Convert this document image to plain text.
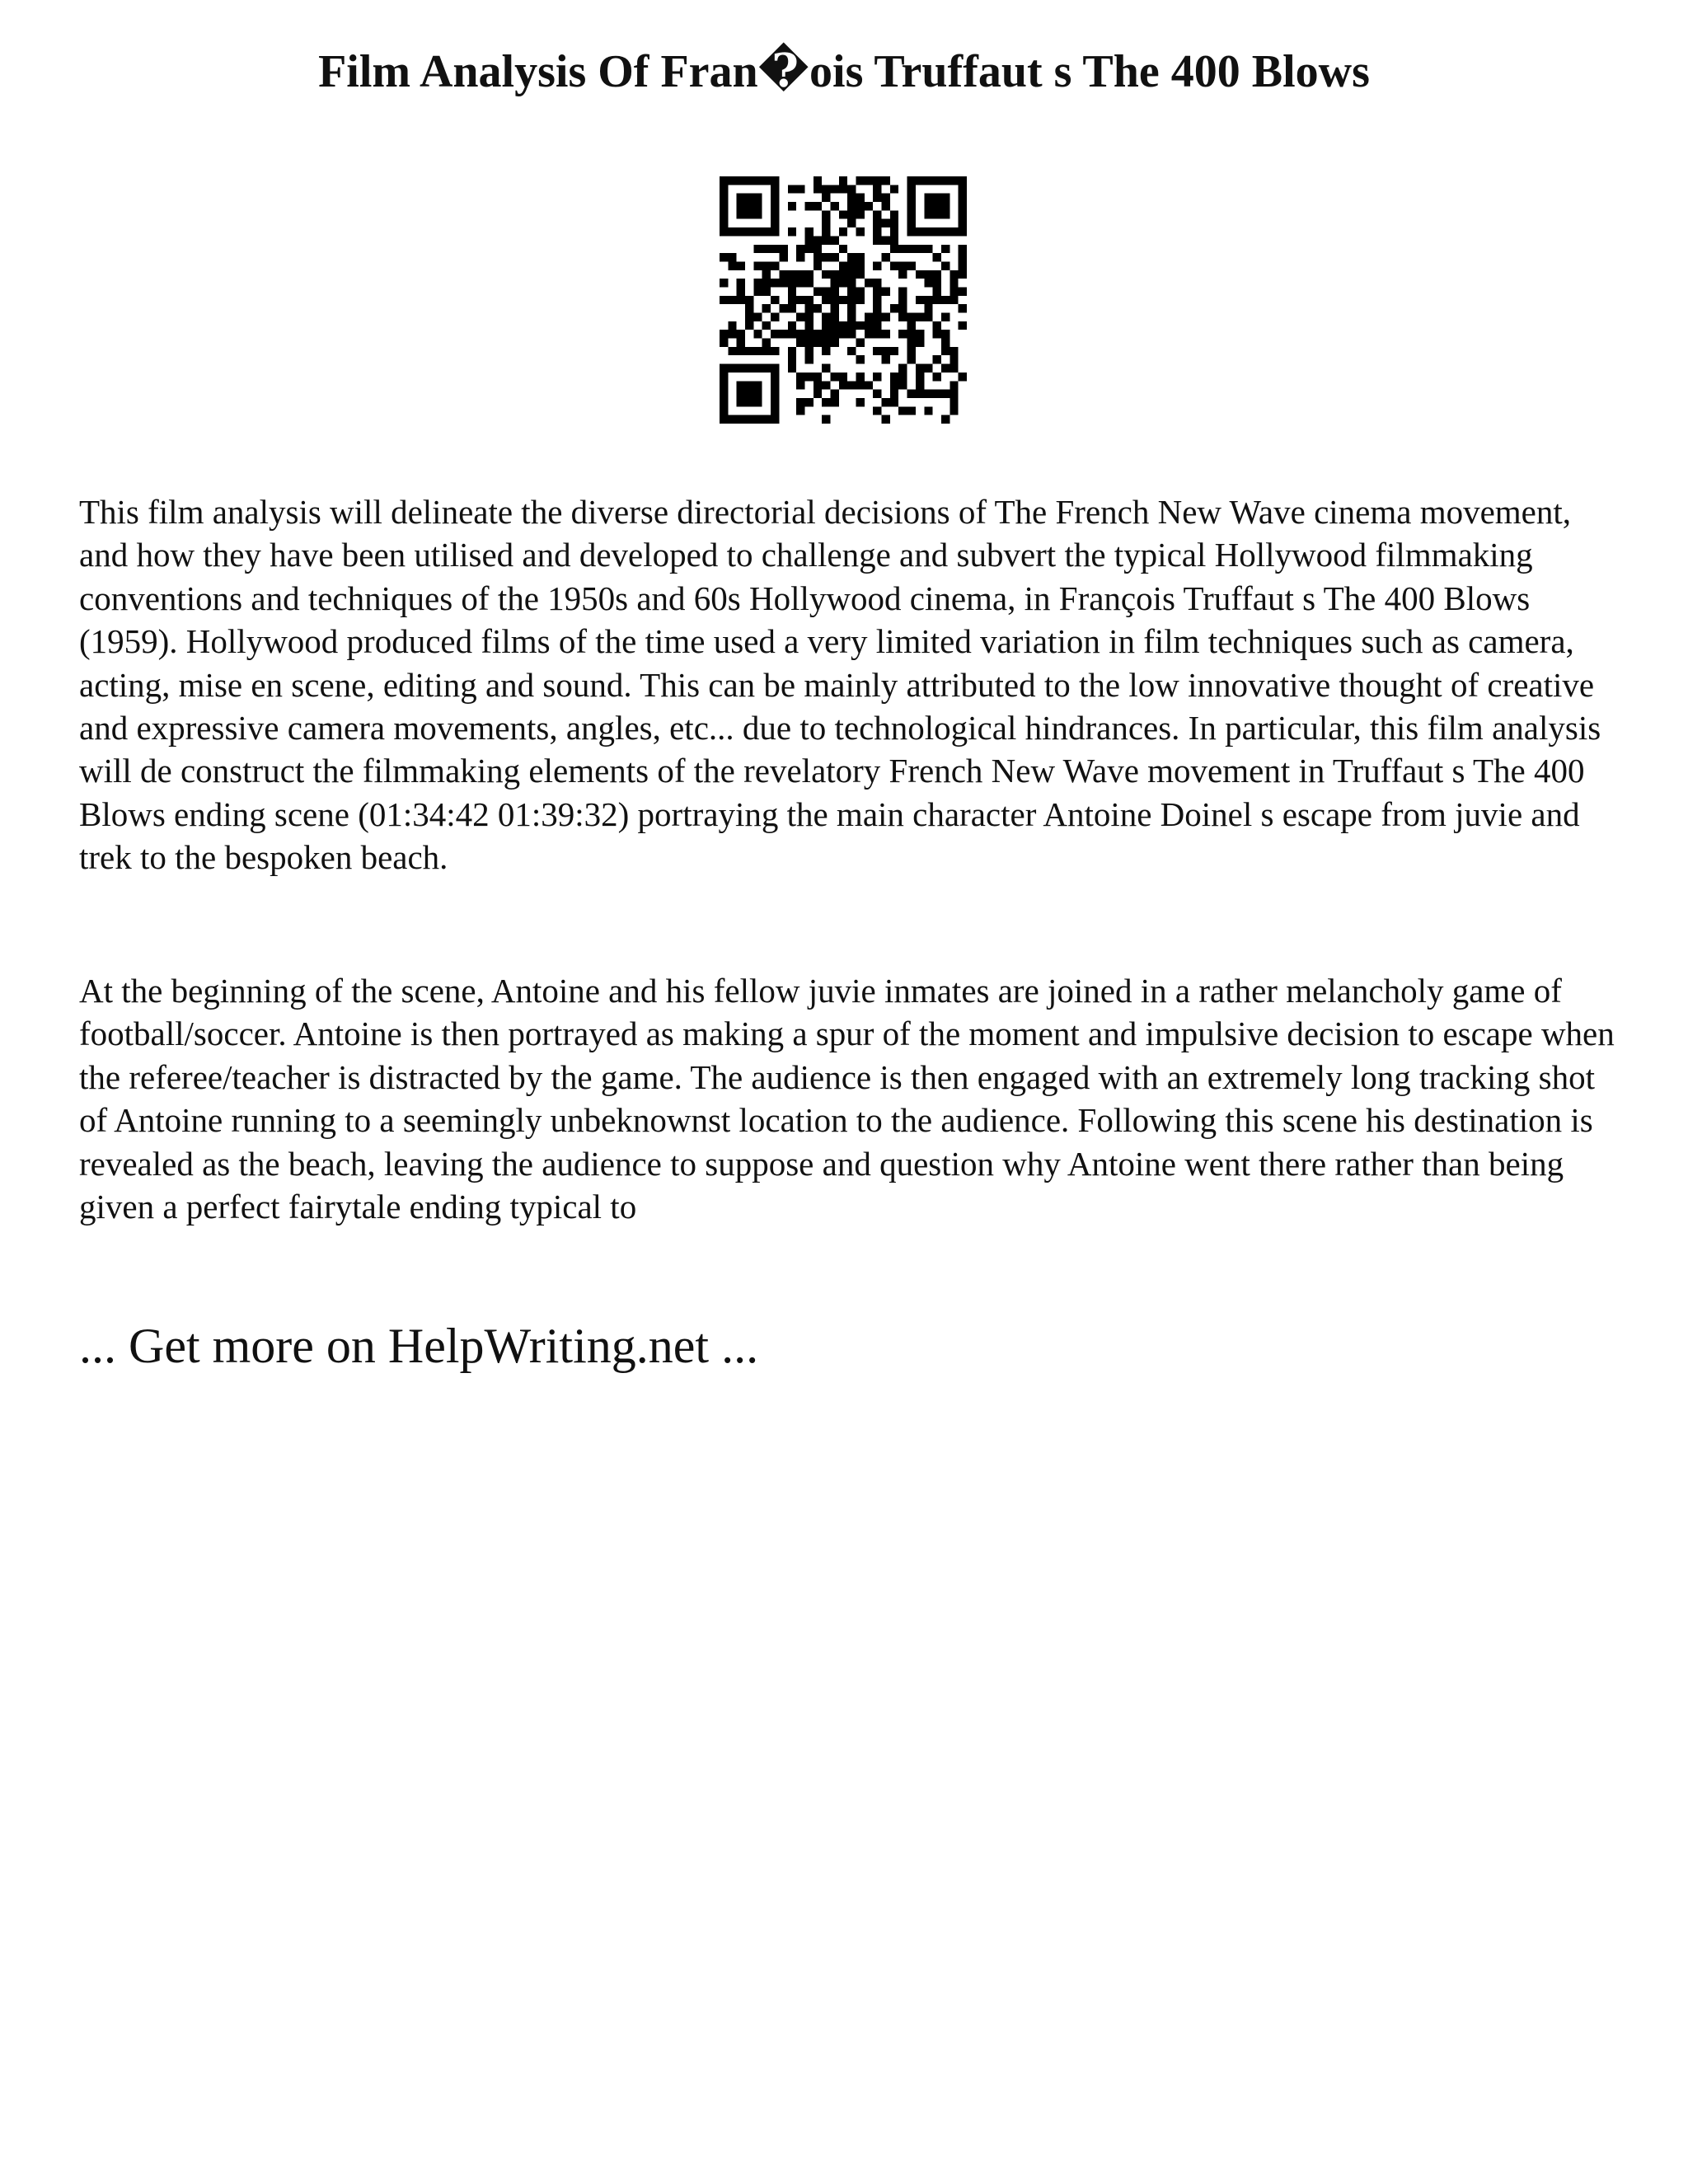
Film Analysis Of Fran�ois Truffaut s The 400 Blows

This film analysis will delineate the diverse directorial decisions of The French New Wave cinema movement, and how they have been utilised and developed to challenge and subvert the typical Hollywood filmmaking conventions and techniques of the 1950s and 60s Hollywood cinema, in François Truffaut s The 400 Blows (1959). Hollywood produced films of the time used a very limited variation in film techniques such as camera, acting, mise en scene, editing and sound. This can be mainly attributed to the low innovative thought of creative and expressive camera movements, angles, etc... due to technological hindrances. In particular, this film analysis will de construct the filmmaking elements of the revelatory French New Wave movement in Truffaut s The 400 Blows ending scene (01:34:42 01:39:32) portraying the main character Antoine Doinel s escape from juvie and trek to the bespoken beach.

At the beginning of the scene, Antoine and his fellow juvie inmates are joined in a rather melancholy game of football/soccer. Antoine is then portrayed as making a spur of the moment and impulsive decision to escape when the referee/teacher is distracted by the game. The audience is then engaged with an extremely long tracking shot of Antoine running to a seemingly unbeknownst location to the audience. Following this scene his destination is revealed as the beach, leaving the audience to suppose and question why Antoine went there rather than being given a perfect fairytale ending typical to

... Get more on HelpWriting.net ...
